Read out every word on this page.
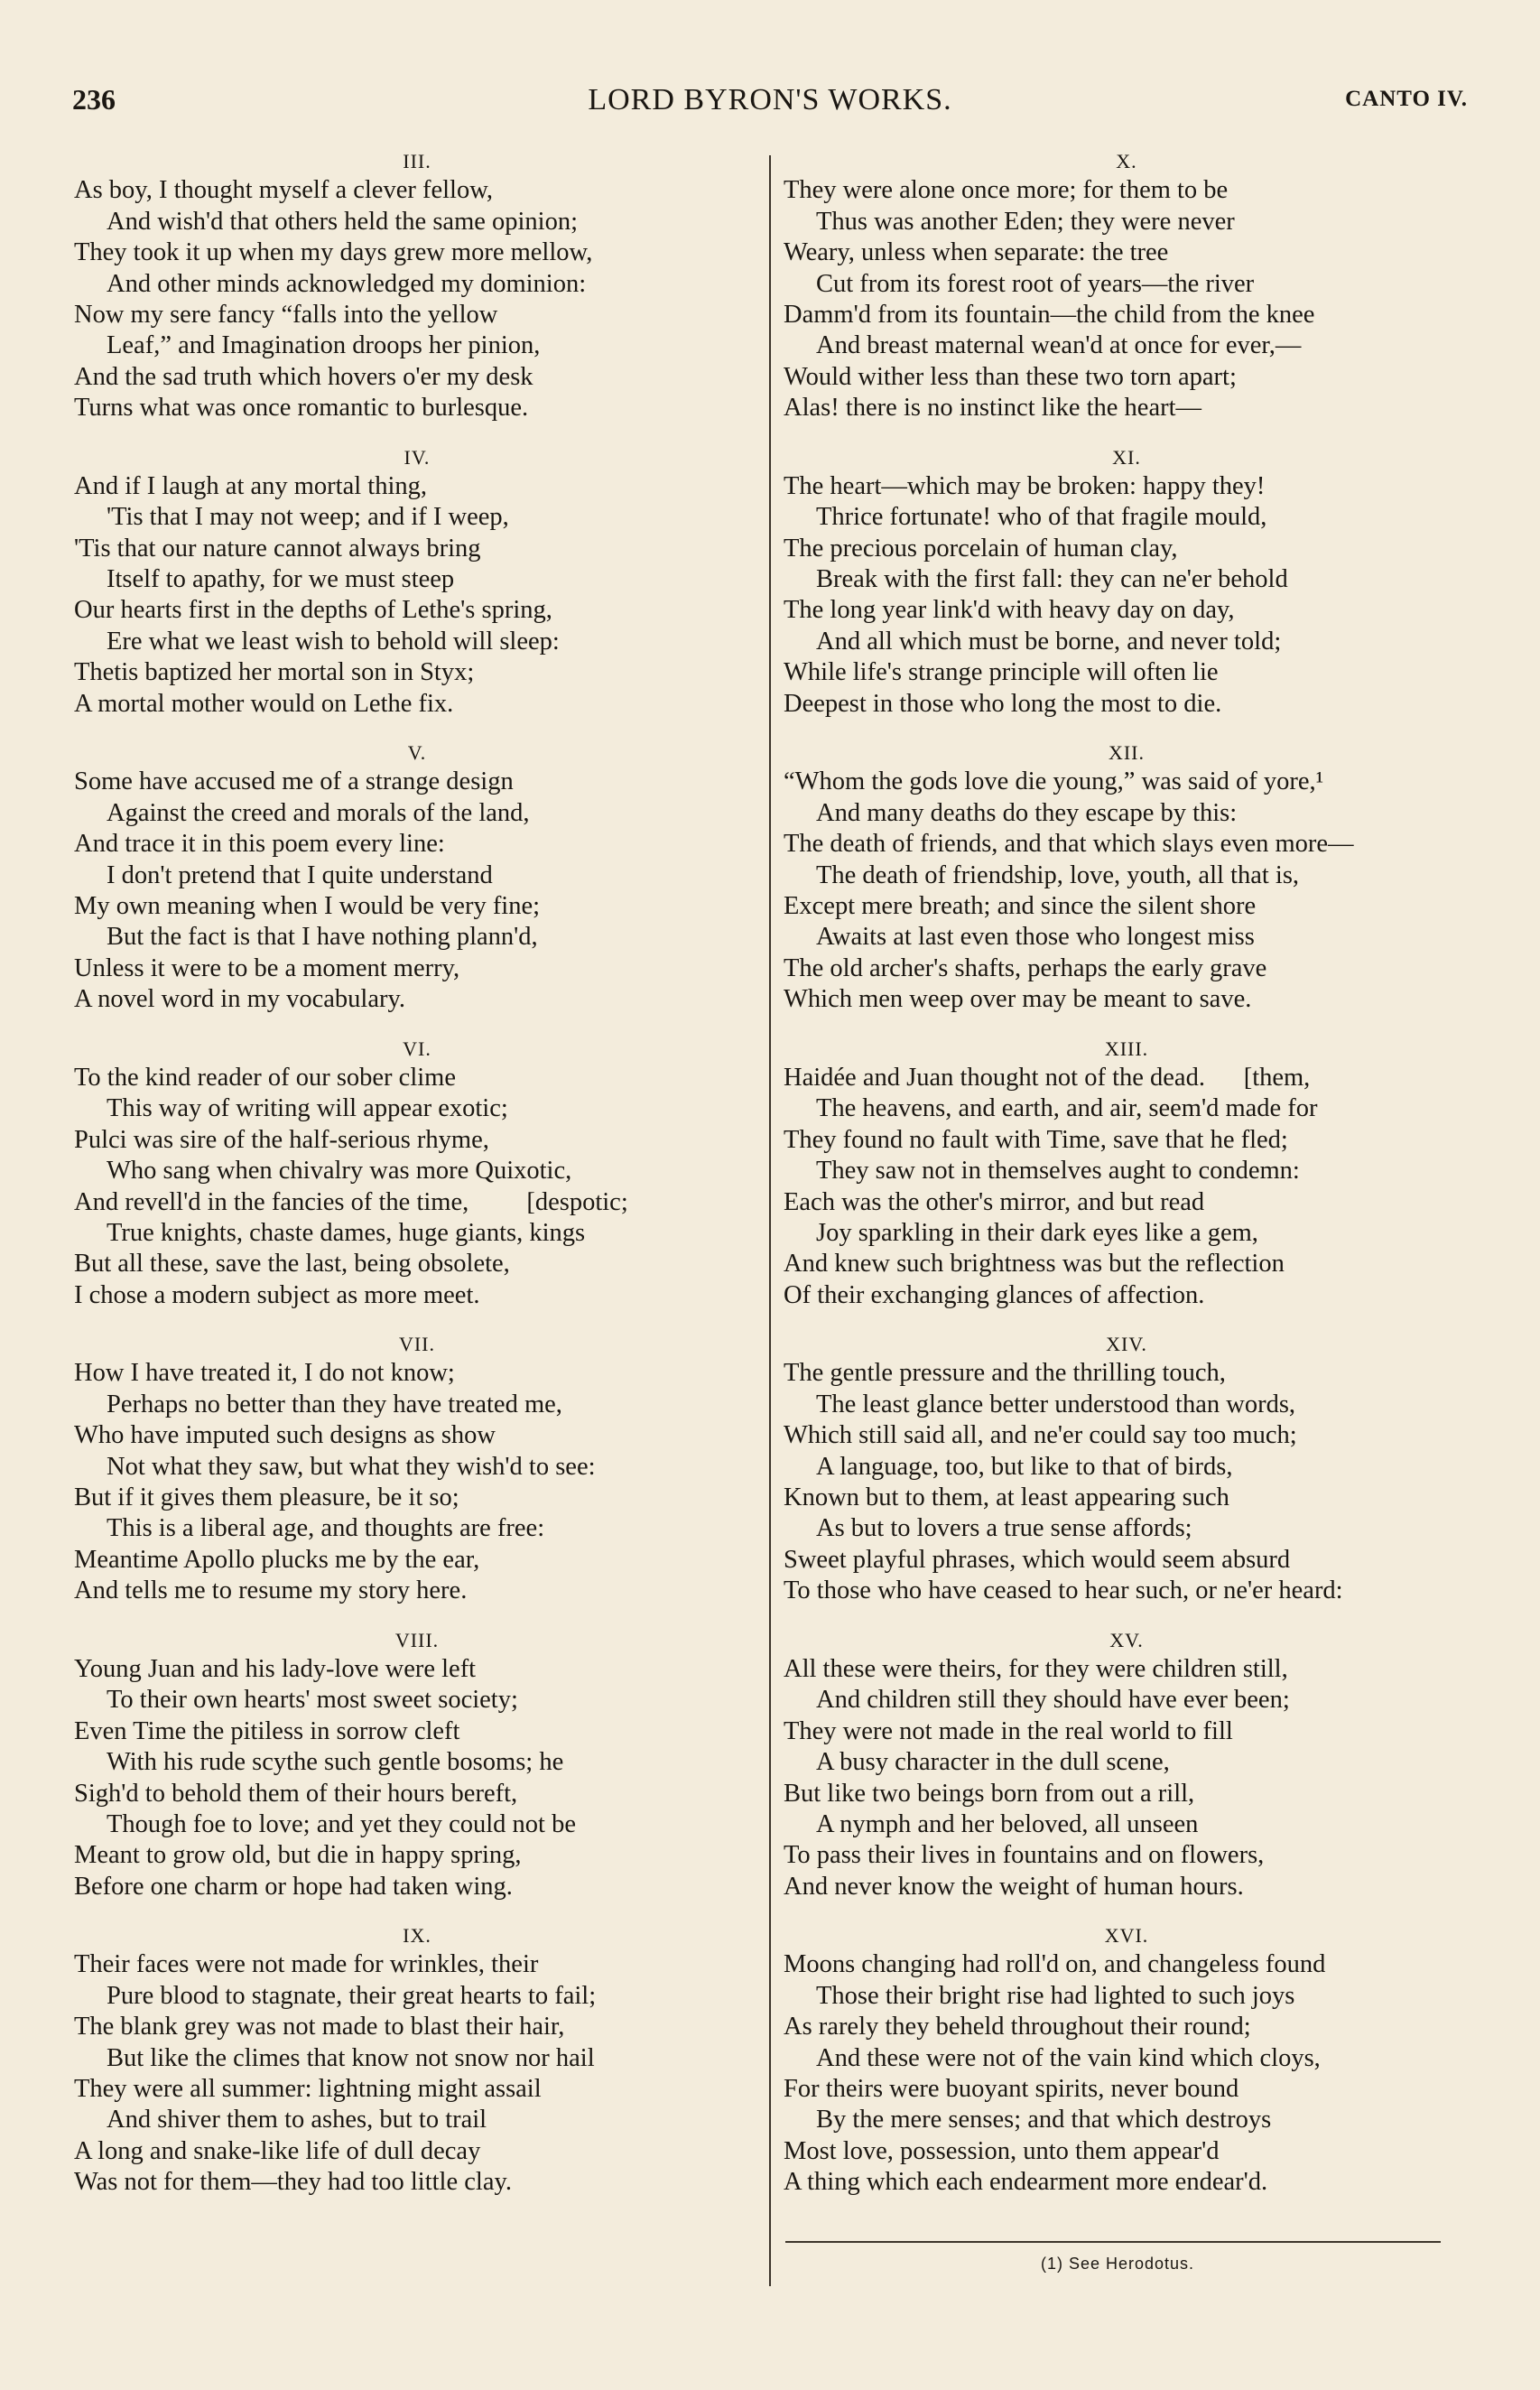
236	LORD BYRON'S WORKS.	CANTO IV.
III.
As boy, I thought myself a clever fellow,
And wish'd that others held the same opinion;
They took it up when my days grew more mellow,
And other minds acknowledged my dominion:
Now my sere fancy “falls into the yellow
Leaf,” and Imagination droops her pinion,
And the sad truth which hovers o'er my desk
Turns what was once romantic to burlesque.
IV.
And if I laugh at any mortal thing,
'Tis that I may not weep; and if I weep,
'Tis that our nature cannot always bring
Itself to apathy, for we must steep
Our hearts first in the depths of Lethe's spring,
Ere what we least wish to behold will sleep:
Thetis baptized her mortal son in Styx;
A mortal mother would on Lethe fix.
V.
Some have accused me of a strange design
Against the creed and morals of the land,
And trace it in this poem every line:
I don't pretend that I quite understand
My own meaning when I would be very fine;
But the fact is that I have nothing plann'd,
Unless it were to be a moment merry,
A novel word in my vocabulary.
VI.
To the kind reader of our sober clime
This way of writing will appear exotic;
Pulci was sire of the half-serious rhyme,
Who sang when chivalry was more Quixotic,
And revell'd in the fancies of the time,         [despotic;
True knights, chaste dames, huge giants, kings
But all these, save the last, being obsolete,
I chose a modern subject as more meet.
VII.
How I have treated it, I do not know;
Perhaps no better than they have treated me,
Who have imputed such designs as show
Not what they saw, but what they wish'd to see:
But if it gives them pleasure, be it so;
This is a liberal age, and thoughts are free:
Meantime Apollo plucks me by the ear,
And tells me to resume my story here.
VIII.
Young Juan and his lady-love were left
To their own hearts' most sweet society;
Even Time the pitiless in sorrow cleft
With his rude scythe such gentle bosoms; he
Sigh'd to behold them of their hours bereft,
Though foe to love; and yet they could not be
Meant to grow old, but die in happy spring,
Before one charm or hope had taken wing.
IX.
Their faces were not made for wrinkles, their
Pure blood to stagnate, their great hearts to fail;
The blank grey was not made to blast their hair,
But like the climes that know not snow nor hail
They were all summer: lightning might assail
And shiver them to ashes, but to trail
A long and snake-like life of dull decay
Was not for them—they had too little clay.
X.
They were alone once more; for them to be
Thus was another Eden; they were never
Weary, unless when separate: the tree
Cut from its forest root of years—the river
Damm'd from its fountain—the child from the knee
And breast maternal wean'd at once for ever,—
Would wither less than these two torn apart;
Alas! there is no instinct like the heart—
XI.
The heart—which may be broken: happy they!
Thrice fortunate! who of that fragile mould,
The precious porcelain of human clay,
Break with the first fall: they can ne'er behold
The long year link'd with heavy day on day,
And all which must be borne, and never told;
While life's strange principle will often lie
Deepest in those who long the most to die.
XII.
“Whom the gods love die young,” was said of yore,¹
And many deaths do they escape by this:
The death of friends, and that which slays even more—
The death of friendship, love, youth, all that is,
Except mere breath; and since the silent shore
Awaits at last even those who longest miss
The old archer's shafts, perhaps the early grave
Which men weep over may be meant to save.
XIII.
Haidée and Juan thought not of the dead.      [them,
The heavens, and earth, and air, seem'd made for
They found no fault with Time, save that he fled;
They saw not in themselves aught to condemn:
Each was the other's mirror, and but read
Joy sparkling in their dark eyes like a gem,
And knew such brightness was but the reflection
Of their exchanging glances of affection.
XIV.
The gentle pressure and the thrilling touch,
The least glance better understood than words,
Which still said all, and ne'er could say too much;
A language, too, but like to that of birds,
Known but to them, at least appearing such
As but to lovers a true sense affords;
Sweet playful phrases, which would seem absurd
To those who have ceased to hear such, or ne'er heard:
XV.
All these were theirs, for they were children still,
And children still they should have ever been;
They were not made in the real world to fill
A busy character in the dull scene,
But like two beings born from out a rill,
A nymph and her beloved, all unseen
To pass their lives in fountains and on flowers,
And never know the weight of human hours.
XVI.
Moons changing had roll'd on, and changeless found
Those their bright rise had lighted to such joys
As rarely they beheld throughout their round;
And these were not of the vain kind which cloys,
For theirs were buoyant spirits, never bound
By the mere senses; and that which destroys
Most love, possession, unto them appear'd
A thing which each endearment more endear'd.
(1) See Herodotus.
